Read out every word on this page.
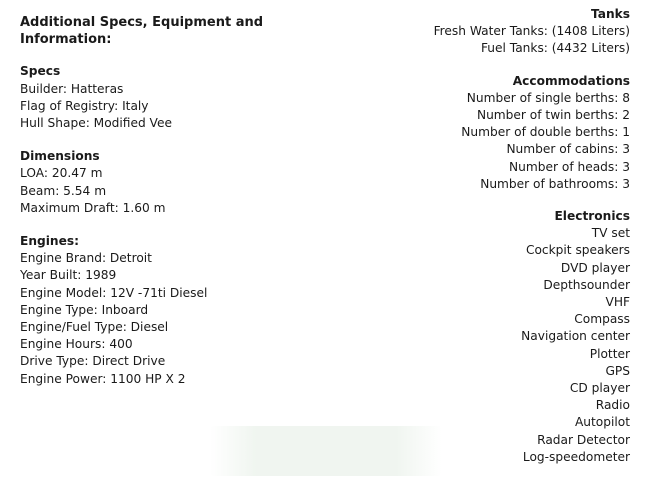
Additional Specs, Equipment and Information:
Specs
Builder: Hatteras
Flag of Registry: Italy
Hull Shape: Modified Vee
Dimensions
LOA: 20.47 m
Beam: 5.54 m
Maximum Draft: 1.60 m
Engines:
Engine Brand: Detroit
Year Built: 1989
Engine Model: 12V -71ti Diesel
Engine Type: Inboard
Engine/Fuel Type: Diesel
Engine Hours: 400
Drive Type: Direct Drive
Engine Power: 1100 HP X 2
Tanks
Fresh Water Tanks: (1408 Liters)
Fuel Tanks: (4432 Liters)
Accommodations
Number of single berths: 8
Number of twin berths: 2
Number of double berths: 1
Number of cabins: 3
Number of heads: 3
Number of bathrooms: 3
Electronics
TV set
Cockpit speakers
DVD player
Depthsounder
VHF
Compass
Navigation center
Plotter
GPS
CD player
Radio
Autopilot
Radar Detector
Log-speedometer
